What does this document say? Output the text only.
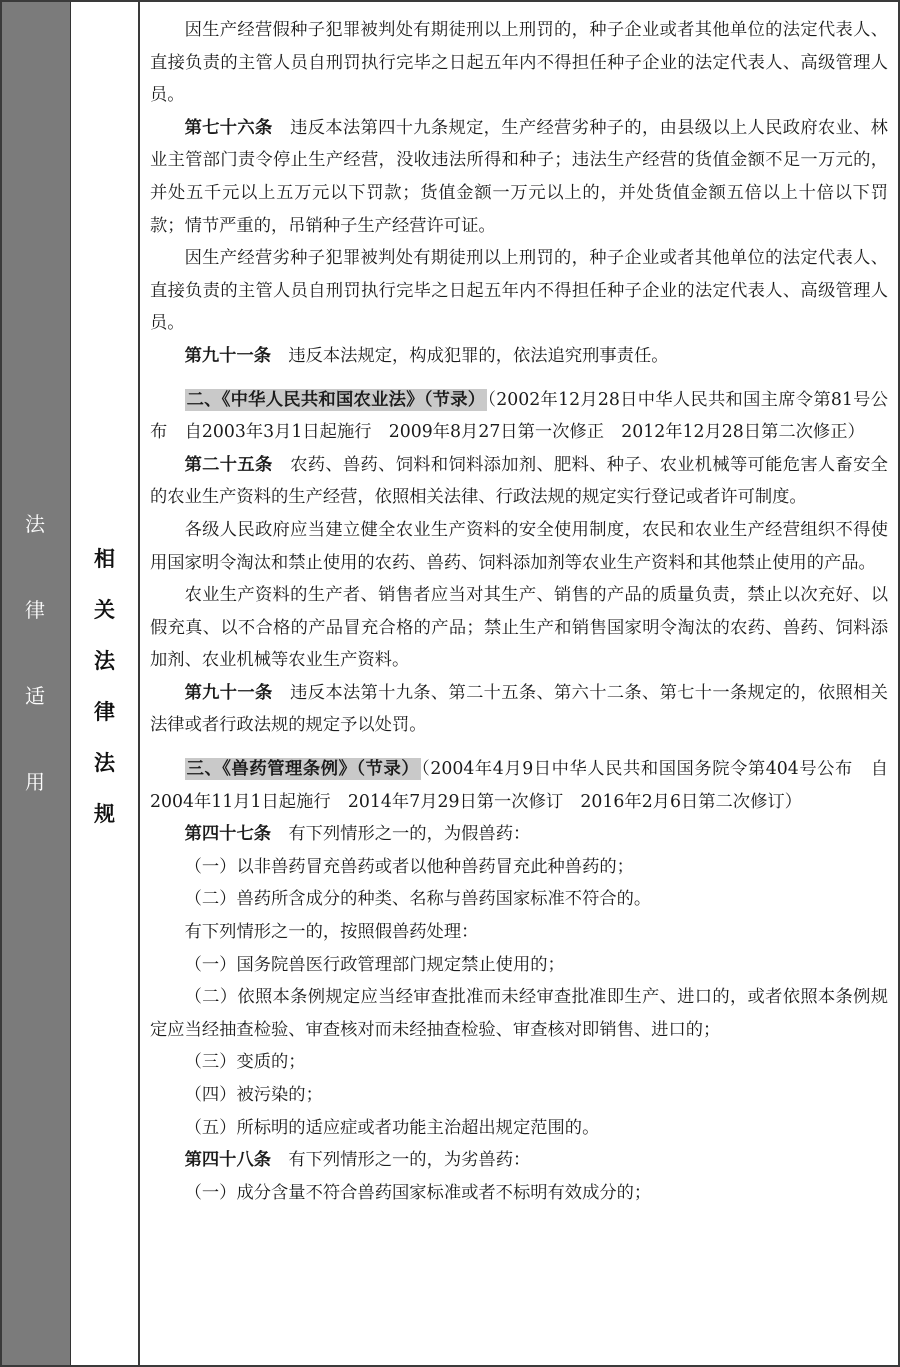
法
律
适
用
相
关
法
律
法
规

因生产经营假种子犯罪被判处有期徒刑以上刑罚的，种子企业或者其他单位的法定代表人、直接负责的主管人员自刑罚执行完毕之日起五年内不得担任种子企业的法定代表人、高级管理人员。

第七十六条　 违反本法第四十九条规定，生产经营劣种子的，由县级以上人民政府农业、林业主管部门责令停止生产经营，没收违法所得和种子；违法生产经营的货值金额不足一万元的，并处五千元以上五万元以下罚款；货值金额一万元以上的，并处货值金额五倍以上十倍以下罚款；情节严重的，吊销种子生产经营许可证。

因生产经营劣种子犯罪被判处有期徒刑以上刑罚的，种子企业或者其他单位的法定代表人、直接负责的主管人员自刑罚执行完毕之日起五年内不得担任种子企业的法定代表人、高级管理人员。

第九十一条　 违反本法规定，构成犯罪的，依法追究刑事责任。

二、《中华人民共和国农业法》（节录） （2002年12月28日中华人民共和国主席令第81号公布　自2003年3月1日起施行　2009年8月27日第一次修正　2012年12月28日第二次修正）

第二十五条　 农药、兽药、饲料和饲料添加剂、肥料、种子、农业机械等可能危害人畜安全的农业生产资料的生产经营，依照相关法律、行政法规的规定实行登记或者许可制度。

各级人民政府应当建立健全农业生产资料的安全使用制度，农民和农业生产经营组织不得使用国家明令淘汰和禁止使用的农药、兽药、饲料添加剂等农业生产资料和其他禁止使用的产品。

农业生产资料的生产者、销售者应当对其生产、销售的产品的质量负责，禁止以次充好、以假充真、以不合格的产品冒充合格的产品；禁止生产和销售国家明令淘汰的农药、兽药、饲料添加剂、农业机械等农业生产资料。

第九十一条　 违反本法第十九条、第二十五条、第六十二条、第七十一条规定的，依照相关法律或者行政法规的规定予以处罚。

三、《兽药管理条例》（节录） （2004年4月9日中华人民共和国国务院令第404号公布　自2004年11月1日起施行　2014年7月29日第一次修订　2016年2月6日第二次修订）

第四十七条　 有下列情形之一的，为假兽药：

（一）以非兽药冒充兽药或者以他种兽药冒充此种兽药的；

（二）兽药所含成分的种类、名称与兽药国家标准不符合的。

有下列情形之一的，按照假兽药处理：

（一）国务院兽医行政管理部门规定禁止使用的；

（二）依照本条例规定应当经审查批准而未经审查批准即生产、进口的，或者依照本条例规定应当经抽查检验、审查核对而未经抽查检验、审查核对即销售、进口的；

（三）变质的；

（四）被污染的；

（五）所标明的适应症或者功能主治超出规定范围的。

第四十八条　 有下列情形之一的，为劣兽药：

（一）成分含量不符合兽药国家标准或者不标明有效成分的；
